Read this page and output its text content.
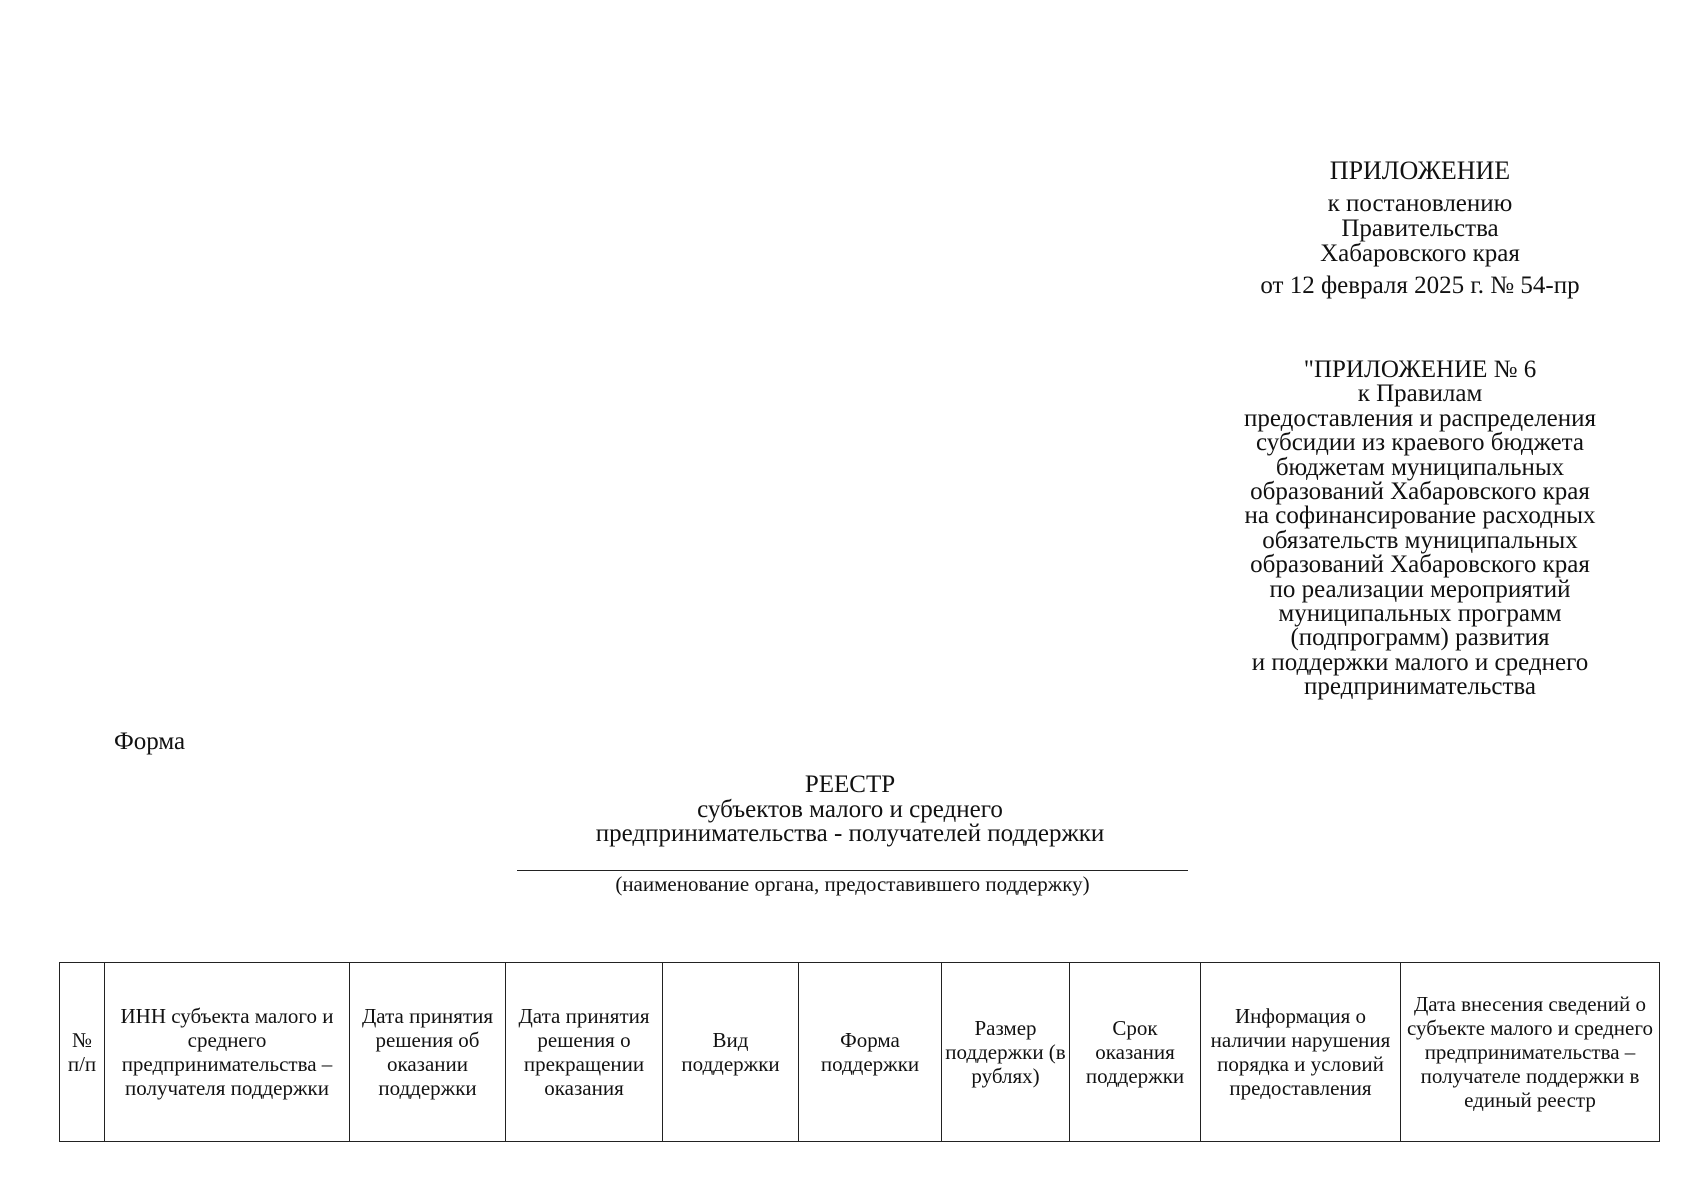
ПРИЛОЖЕНИЕ
к постановлению
Правительства
Хабаровского края
от 12 февраля 2025 г. № 54-пр
"ПРИЛОЖЕНИЕ № 6
к Правилам
предоставления и распределения
субсидии из краевого бюджета
бюджетам муниципальных
образований Хабаровского края
на софинансирование расходных
обязательств муниципальных
образований Хабаровского края
по реализации мероприятий
муниципальных программ
(подпрограмм) развития
и поддержки малого и среднего
предпринимательства
Форма
РЕЕСТР
субъектов малого и среднего
предпринимательства - получателей поддержки
(наименование органа, предоставившего поддержку)
№ п/п	ИНН субъекта малого и среднего предпринимательства – получателя поддержки	Дата принятия решения об оказании поддержки	Дата принятия решения о прекращении оказания	Вид поддержки	Форма поддержки	Размер поддержки (в рублях)	Срок оказания поддержки	Информация о наличии нарушения порядка и условий предоставления	Дата внесения сведений о субъекте малого и среднего предпринимательства – получателе поддержки в единый реестр
